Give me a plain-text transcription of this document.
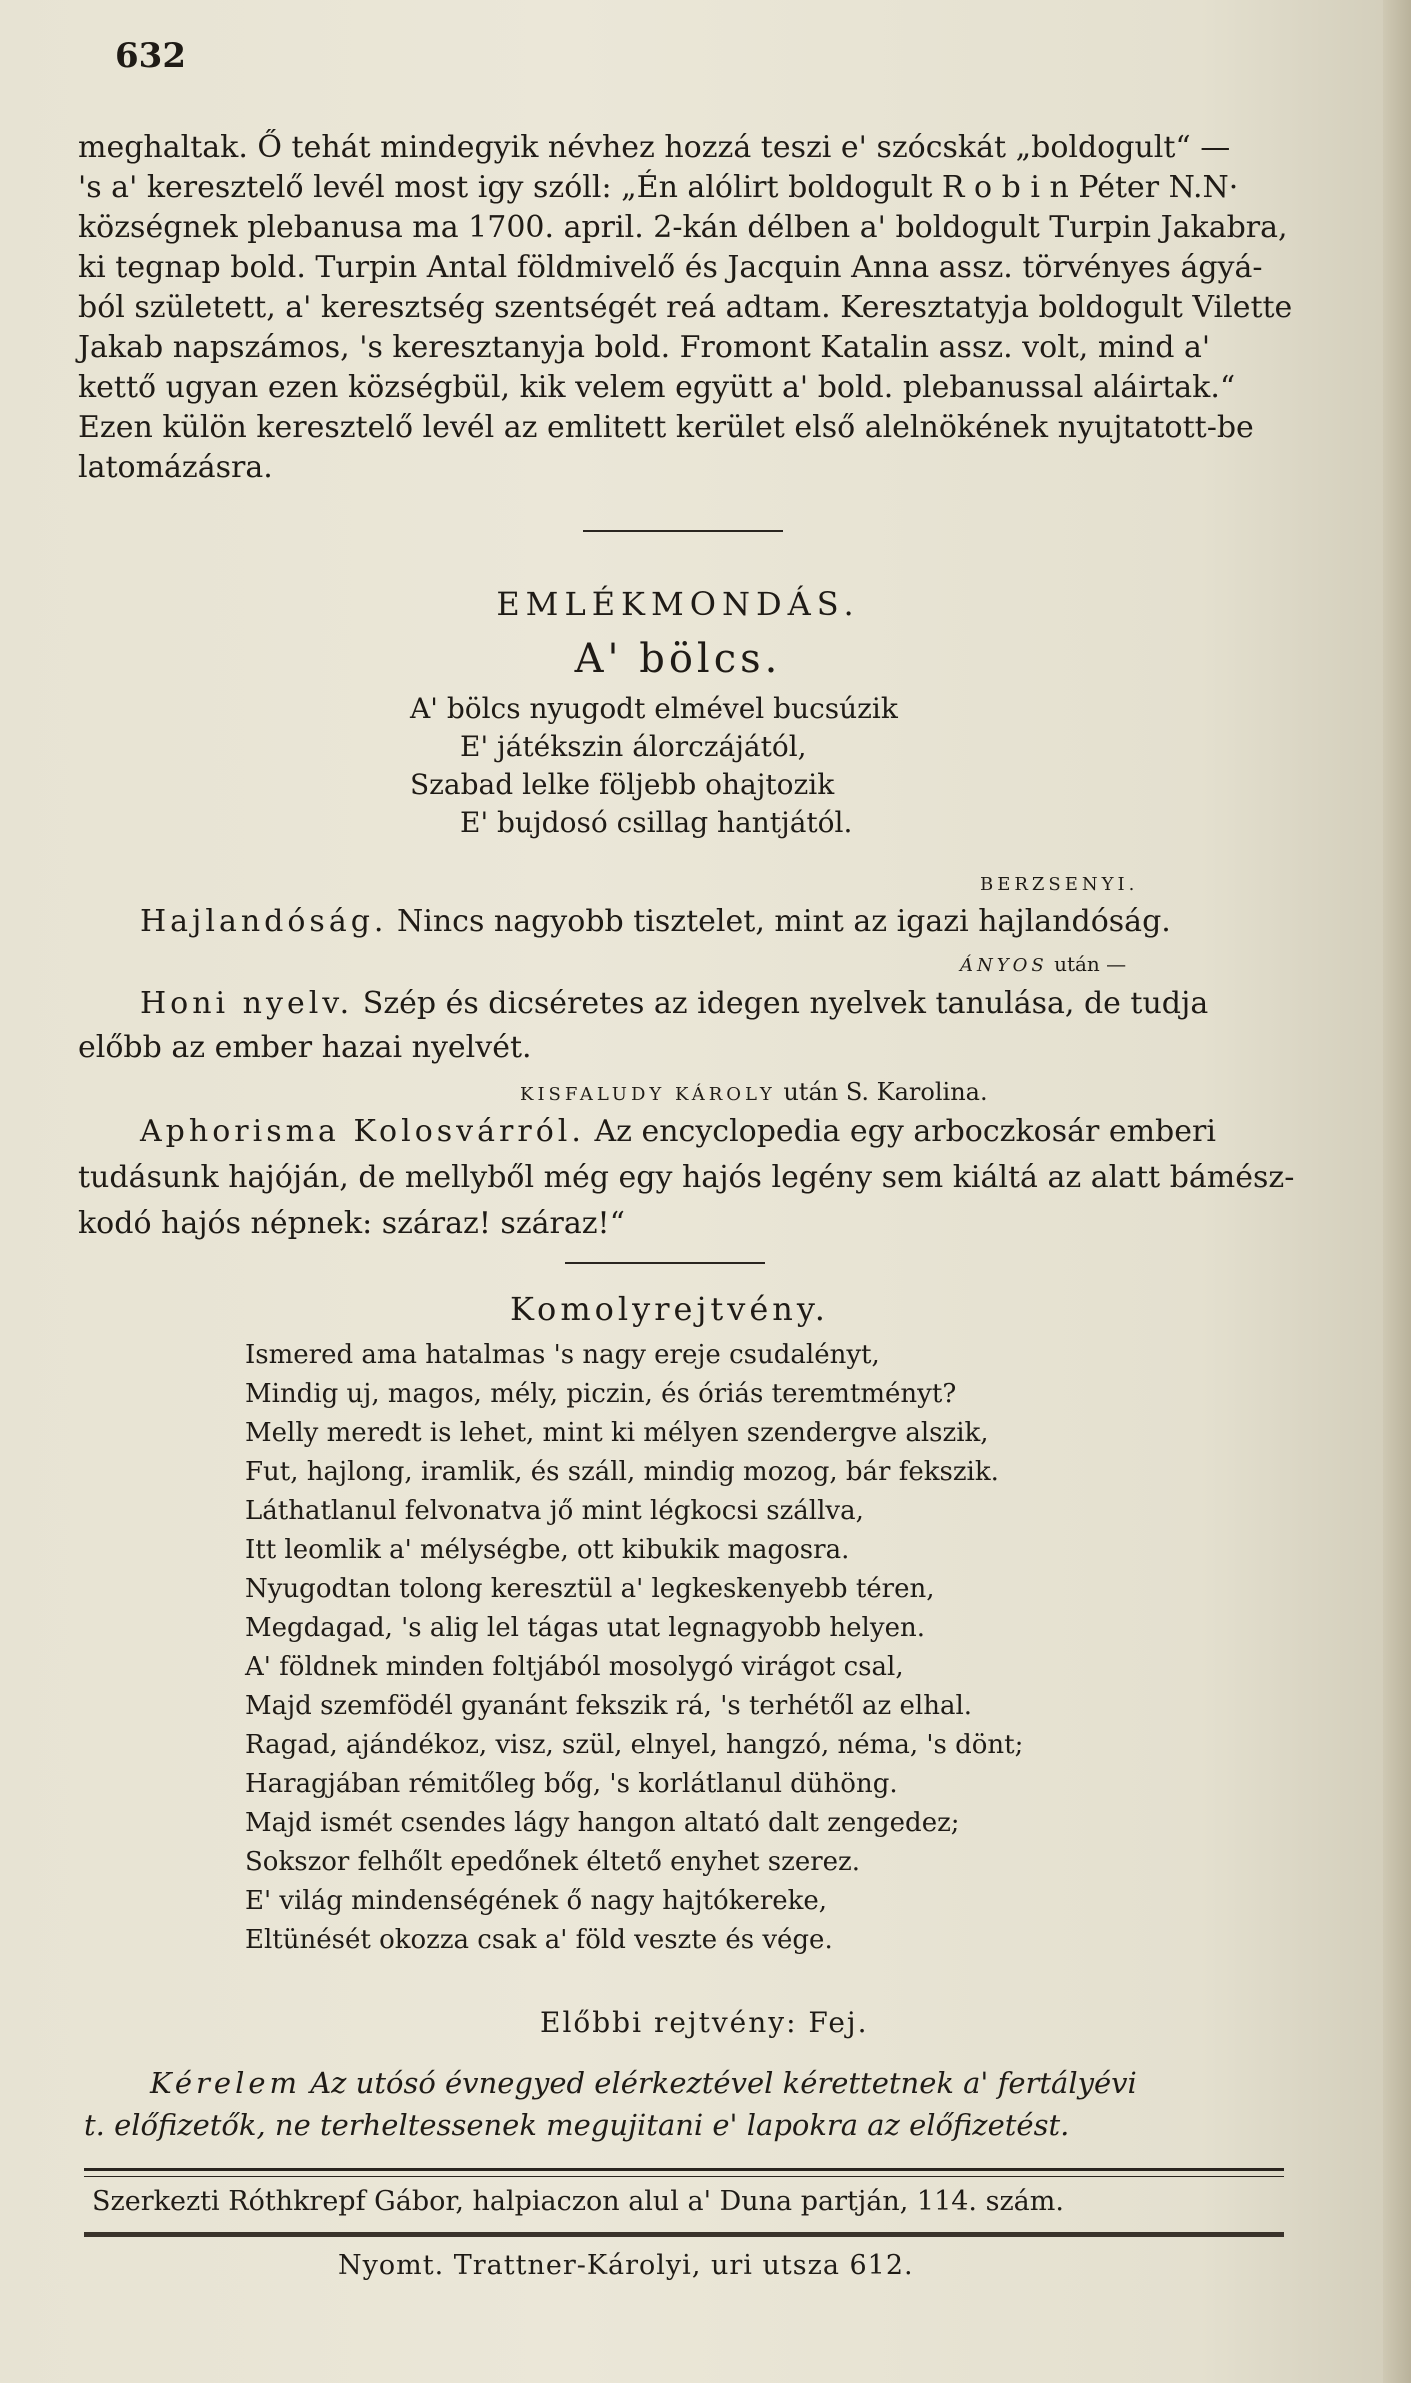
632

meghaltak. Ő tehát mindegyik névhez hozzá teszi e' szócskát „boldogult“ —
's a' keresztelő levél most igy szóll: „Én alólirt boldogult R o b i n Péter N.N·
községnek plebanusa ma 1700. april. 2-kán délben a' boldogult Turpin Jakabra,
ki tegnap bold. Turpin Antal földmivelő és Jacquin Anna assz. törvényes ágyá-
ból született, a' keresztség szentségét reá adtam. Keresztatyja boldogult Vilette
Jakab napszámos, 's keresztanyja bold. Fromont Katalin assz. volt, mind a'
kettő ugyan ezen községbül, kik velem együtt a' bold. plebanussal aláirtak.“
Ezen külön keresztelő levél az emlitett kerület első alelnökének nyujtatott-be
latomázásra.

EMLÉKMONDÁS.

A' bölcs.

A' bölcs nyugodt elmével bucsúzik
E' játékszin álorczájától,
Szabad lelke följebb ohajtozik
E' bujdosó csillag hantjától.
BERZSENYI.
Hajlandóság. Nincs nagyobb tisztelet, mint az igazi hajlandóság.
ÁNYOS után —
Honi nyelv. Szép és dicséretes az idegen nyelvek tanulása, de tudja
előbb az ember hazai nyelvét.
KISFALUDY KÁROLY után S. Karolina.
Aphorisma Kolosvárról. Az encyclopedia egy arboczkosár emberi
tudásunk hajóján, de mellyből még egy hajós legény sem kiáltá az alatt bámész-
kodó hajós népnek: száraz! száraz!“
Komolyrejtvény.
Ismered ama hatalmas 's nagy ereje csudalényt,
Mindig uj, magos, mély, piczin, és óriás teremtményt?
Melly meredt is lehet, mint ki mélyen szendergve alszik,
Fut, hajlong, iramlik, és száll, mindig mozog, bár fekszik.
Láthatlanul felvonatva jő mint légkocsi szállva,
Itt leomlik a' mélységbe, ott kibukik magosra.
Nyugodtan tolong keresztül a' legkeskenyebb téren,
Megdagad, 's alig lel tágas utat legnagyobb helyen.
A' földnek minden foltjából mosolygó virágot csal,
Majd szemfödél gyanánt fekszik rá, 's terhétől az elhal.
Ragad, ajándékoz, visz, szül, elnyel, hangzó, néma, 's dönt;
Haragjában rémitőleg bőg, 's korlátlanul dühöng.
Majd ismét csendes lágy hangon altató dalt zengedez;
Sokszor felhőlt epedőnek éltető enyhet szerez.
E' világ mindenségének ő nagy hajtókereke,
Eltünését okozza csak a' föld veszte és vége.
Előbbi rejtvény: Fej.
Kérelem Az utósó évnegyed elérkeztével kérettetnek a' fertályévi
t. előfizetők, ne terheltessenek megujitani e' lapokra az előfizetést.
Szerkezti Róthkrepf Gábor, halpiaczon alul a' Duna partján, 114. szám.
Nyomt. Trattner-Károlyi, uri utsza 612.
